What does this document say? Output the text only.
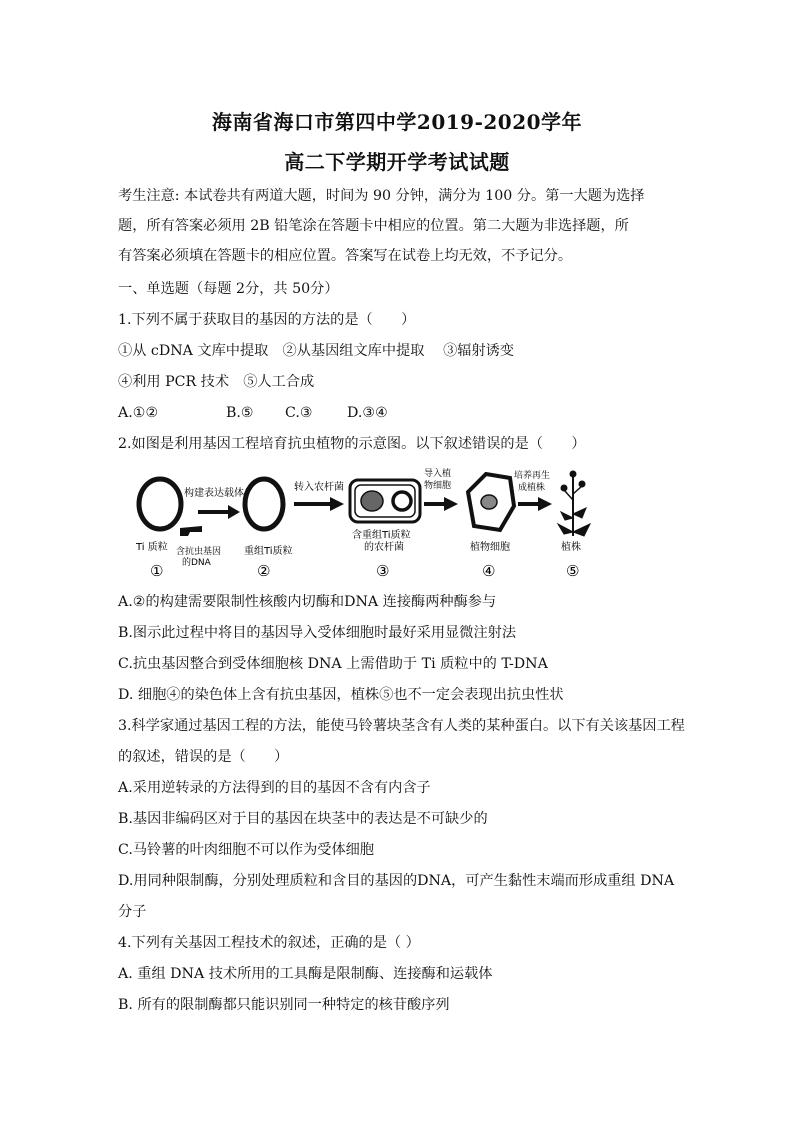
海南省海口市第四中学2019-2020学年
高二下学期开学考试试题
考生注意: 本试卷共有两道大题，时间为 90 分钟，满分为 100 分。第一大题为选择
题，所有答案必须用 2B 铅笔涂在答题卡中相应的位置。第二大题为非选择题，所
有答案必须填在答题卡的相应位置。答案写在试卷上均无效，不予记分。
一、单选题（每题 2分，共 50分）
1.下列不属于获取目的基因的方法的是（　　）
①从 cDNA 文库中提取　②从基因组文库中提取　 ③辐射诱变
④利用 PCR 技术　⑤人工合成
A.①②	B.⑤ C.③ D.③④
2.如图是利用基因工程培育抗虫植物的示意图。以下叙述错误的是（　　）
Ti 质粒
①
含抗虫基因
的DNA
构建表达载体
重组Ti质粒
②
转入农杆菌
含重组Ti质粒
的农杆菌
③
导入植
物细胞
植物细胞
④
培养再生
成植株
植株
⑤
A.②的构建需要限制性核酸内切酶和DNA 连接酶两种酶参与
B.图示此过程中将目的基因导入受体细胞时最好采用显微注射法
C.抗虫基因整合到受体细胞核 DNA 上需借助于 Ti 质粒中的 T-DNA
D. 细胞④的染色体上含有抗虫基因，植株⑤也不一定会表现出抗虫性状
3.科学家通过基因工程的方法，能使马铃薯块茎含有人类的某种蛋白。以下有关该基因工程
的叙述，错误的是（　　）
A.采用逆转录的方法得到的目的基因不含有内含子
B.基因非编码区对于目的基因在块茎中的表达是不可缺少的
C.马铃薯的叶肉细胞不可以作为受体细胞
D.用同种限制酶，分别处理质粒和含目的基因的DNA，可产生黏性末端而形成重组 DNA
分子
4.下列有关基因工程技术的叙述，正确的是（ ）
A. 重组 DNA 技术所用的工具酶是限制酶、连接酶和运载体
B. 所有的限制酶都只能识别同一种特定的核苷酸序列
